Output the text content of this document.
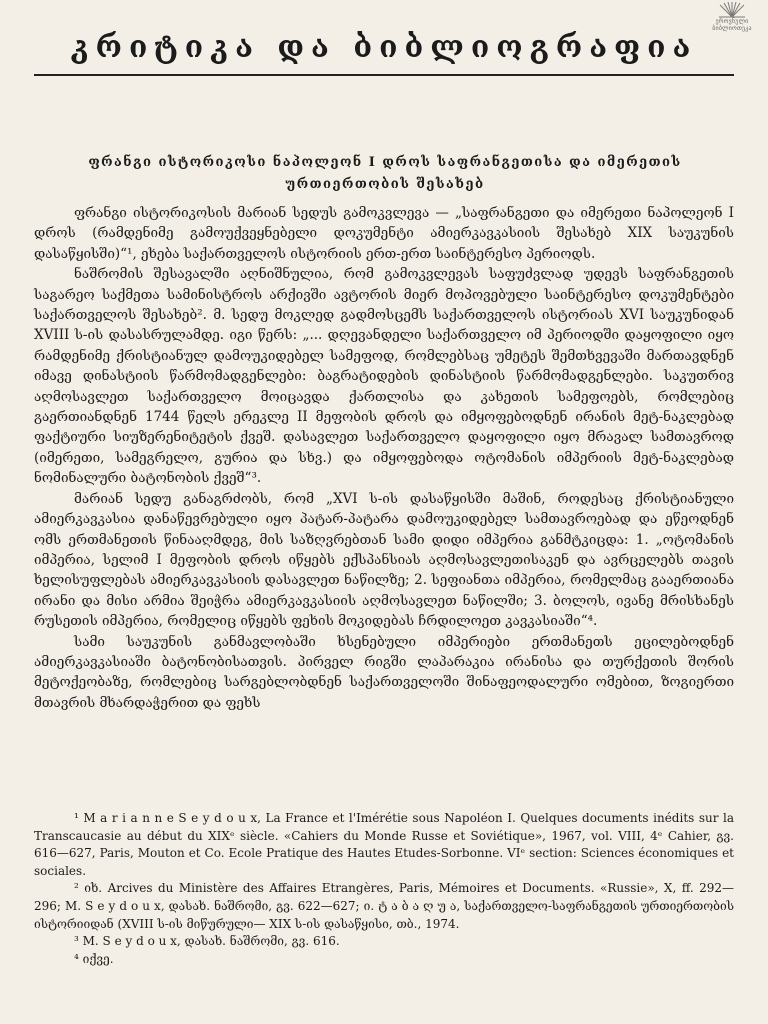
ეროვნული ბიბლიოთეკა
კრიტიკა და ბიბლიოგრაფია
ფრანგი ისტორიკოსი ნაპოლეონ I დროს საფრანგეთისა და იმერეთის ურთიერთობის შესახებ

ფრანგი ისტორიკოსის მარიან სედუს გამოკვლევა — „საფრანგეთი და იმერეთი ნაპოლეონ I დროს (რამდენიმე გამოუქვეყნებელი დოკუმენტი ამიერკავკასიის შესახებ XIX საუკუნის დასაწყისში)“¹, ეხება საქართველოს ისტორიის ერთ-ერთ საინტერესო პერიოდს.

ნაშრომის შესავალში აღნიშნულია, რომ გამოკვლევას საფუძვლად უდევს საფრანგეთის საგარეო საქმეთა სამინისტროს არქივში ავტორის მიერ მოპოვებული საინტერესო დოკუმენტები საქართველოს შესახებ². მ. სედუ მოკლედ გადმოსცემს საქართველოს ისტორიას XVI საუკუნიდან XVIII ს-ის დასასრულამდე. იგი წერს: „... დღევანდელი საქართველო იმ პერიოდში დაყოფილი იყო რამდენიმე ქრისტიანულ დამოუკიდებელ სამეფოდ, რომლებსაც უმეტეს შემთხვევაში მართავდნენ იმავე დინასტიის წარმომადგენლები: ბაგრატიდების დინასტიის წარმომადგენლები. საკუთრივ აღმოსავლეთ საქართველო მოიცავდა ქართლისა და კახეთის სამეფოებს, რომლებიც გაერთიანდნენ 1744 წელს ერეკლე II მეფობის დროს და იმყოფებოდნენ ირანის მეტ-ნაკლებად ფაქტიური სიუზერენიტეტის ქვეშ. დასავლეთ საქართველო დაყოფილი იყო მრავალ სამთავროდ (იმერეთი, სამეგრელო, გურია და სხვ.) და იმყოფებოდა ოტომანის იმპერიის მეტ-ნაკლებად ნომინალური ბატონობის ქვეშ“³.

მარიან სედუ განაგრძობს, რომ „XVI ს-ის დასაწყისში მაშინ, როდესაც ქრისტიანული ამიერკავკასია დანაწევრებული იყო პატარ-პატარა დამოუკიდებელ სამთავროებად და ეწეოდნენ ომს ერთმანეთის წინააღმდეგ, მის საზღვრებთან სამი დიდი იმპერია განმტკიცდა: 1. „ოტომანის იმპერია, სელიმ I მეფობის დროს იწყებს ექსპანსიას აღმოსავლეთისაკენ და ავრცელებს თავის ხელისუფლებას ამიერკავკასიის დასავლეთ ნაწილზე; 2. სეფიანთა იმპერია, რომელმაც გააერთიანა ირანი და მისი არმია შეიჭრა ამიერკავკასიის აღმოსავლეთ ნაწილში; 3. ბოლოს, ივანე მრისხანეს რუსეთის იმპერია, რომელიც იწყებს ფეხის მოკიდებას ჩრდილოეთ კავკასიაში“⁴.

სამი საუკუნის განმავლობაში ხსენებული იმპერიები ერთმანეთს ეცილებოდნენ ამიერკავკასიაში ბატონობისათვის. პირველ რიგში ლაპარაკია ირანისა და თურქეთის შორის მეტოქეობაზე, რომლებიც სარგებლობდნენ საქართველოში შინაფეოდალური ომებით, ზოგიერთი მთავრის მხარდაჭერით და ფეხს

¹ M a r i a n n e S e y d o u x, La France et l'Imérétie sous Napoléon I. Quelques documents inédits sur la Transcaucasie au début du XIXᵉ siècle. «Cahiers du Monde Russe et Soviétique», 1967, vol. VIII, 4ᵉ Cahier, გვ. 616—627, Paris, Mouton et Co. Ecole Pratique des Hautes Etudes-Sorbonne. VIᵉ section: Sciences économiques et sociales.

² იხ. Arcives du Ministère des Affaires Etrangères, Paris, Mémoires et Documents. «Russie», X, ff. 292—296; M. S e y d o u x, დასახ. ნაშრომი, გვ. 622—627; ი. ტ ა ბ ა ღ უ ა, საქართველო-საფრანგეთის ურთიერთობის ისტორიიდან (XVIII ს-ის მიწურული— XIX ს-ის დასაწყისი, თბ., 1974.

³ M. S e y d o u x, დასახ. ნაშრომი, გვ. 616.

⁴ იქვე.
